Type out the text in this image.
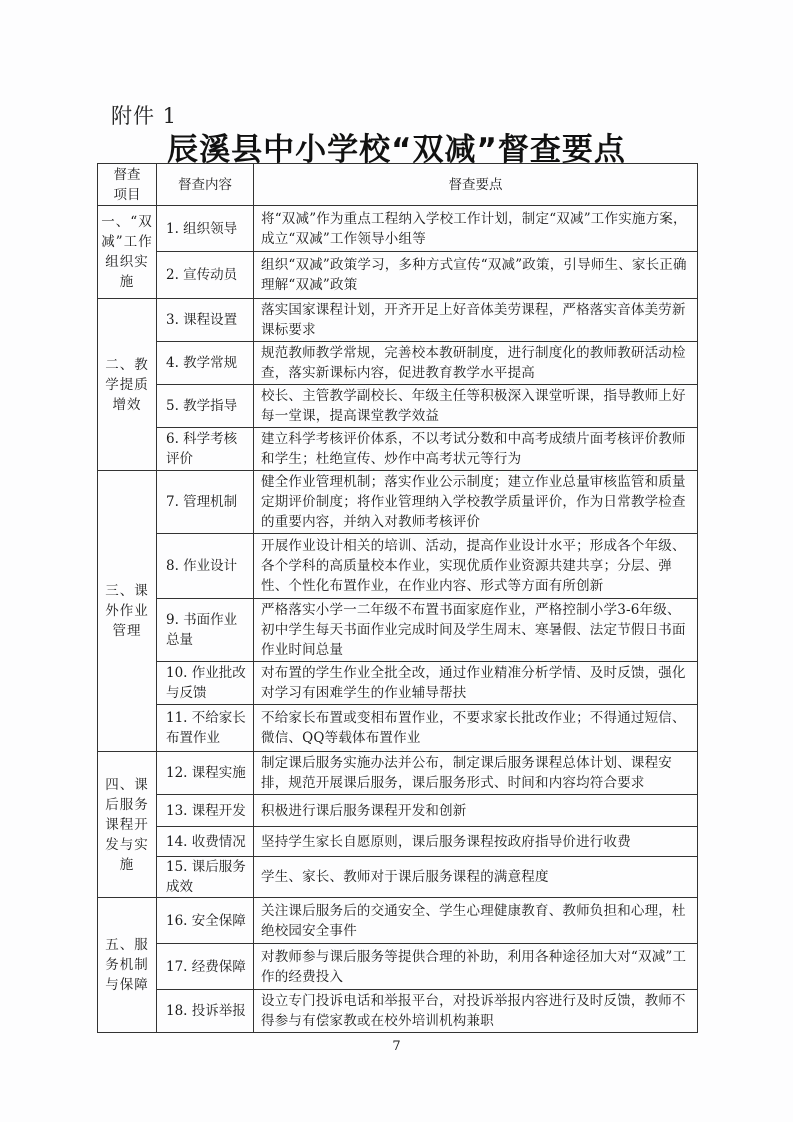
附件 1
辰溪县中小学校“双减”督查要点
督查项目	督查内容	督查要点
一、“双减”工作组织实施	1. 组织领导	将“双减”作为重点工程纳入学校工作计划，制定“双减”工作实施方案，成立“双减”工作领导小组等
	2. 宣传动员	组织“双减”政策学习，多种方式宣传“双减”政策，引导师生、家长正确理解“双减”政策
二、教学提质增效	3. 课程设置	落实国家课程计划，开齐开足上好音体美劳课程，严格落实音体美劳新课标要求
	4. 教学常规	规范教师教学常规，完善校本教研制度，进行制度化的教师教研活动检查，落实新课标内容，促进教育教学水平提高
	5. 教学指导	校长、主管教学副校长、年级主任等积极深入课堂听课，指导教师上好每一堂课，提高课堂教学效益
	6. 科学考核评价	建立科学考核评价体系，不以考试分数和中高考成绩片面考核评价教师和学生；杜绝宣传、炒作中高考状元等行为
三、课外作业管理	7. 管理机制	健全作业管理机制；落实作业公示制度；建立作业总量审核监管和质量定期评价制度；将作业管理纳入学校教学质量评价，作为日常教学检查的重要内容，并纳入对教师考核评价
	8. 作业设计	开展作业设计相关的培训、活动，提高作业设计水平；形成各个年级、各个学科的高质量校本作业，实现优质作业资源共建共享；分层、弹性、个性化布置作业，在作业内容、形式等方面有所创新
	9. 书面作业总量	严格落实小学一二年级不布置书面家庭作业，严格控制小学3-6年级、初中学生每天书面作业完成时间及学生周末、寒暑假、法定节假日书面作业时间总量
	10. 作业批改与反馈	对布置的学生作业全批全改，通过作业精准分析学情、及时反馈，强化对学习有困难学生的作业辅导帮扶
	11. 不给家长布置作业	不给家长布置或变相布置作业，不要求家长批改作业；不得通过短信、微信、QQ等载体布置作业
四、课后服务课程开发与实施	12. 课程实施	制定课后服务实施办法并公布，制定课后服务课程总体计划、课程安排，规范开展课后服务，课后服务形式、时间和内容均符合要求
	13. 课程开发	积极进行课后服务课程开发和创新
	14. 收费情况	坚持学生家长自愿原则，课后服务课程按政府指导价进行收费
	15. 课后服务成效	学生、家长、教师对于课后服务课程的满意程度
五、服务机制与保障	16. 安全保障	关注课后服务后的交通安全、学生心理健康教育、教师负担和心理，杜绝校园安全事件
	17. 经费保障	对教师参与课后服务等提供合理的补助，利用各种途径加大对“双减”工作的经费投入
	18. 投诉举报	设立专门投诉电话和举报平台，对投诉举报内容进行及时反馈，教师不得参与有偿家教或在校外培训机构兼职
7
